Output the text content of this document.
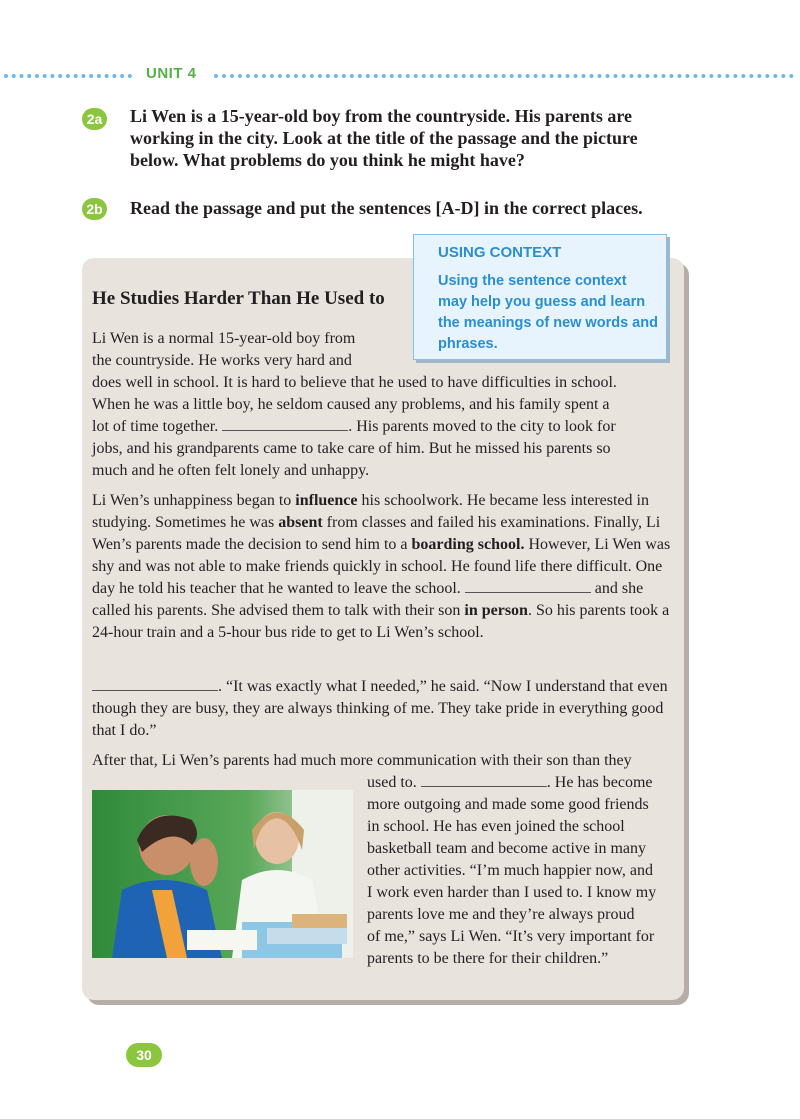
UNIT 4
2a Li Wen is a 15-year-old boy from the countryside. His parents are working in the city. Look at the title of the passage and the picture below. What problems do you think he might have?
2b Read the passage and put the sentences [A-D] in the correct places.
USING CONTEXT
Using the sentence context may help you guess and learn the meanings of new words and phrases.
He Studies Harder Than He Used to
Li Wen is a normal 15-year-old boy from
the countryside. He works very hard and
does well in school. It is hard to believe that he used to have difficulties in school.
When he was a little boy, he seldom caused any problems, and his family spent a
lot of time together.	. His parents moved to the city to look for
jobs, and his grandparents came to take care of him. But he missed his parents so
much and he often felt lonely and unhappy.
Li Wen’s unhappiness began to influence his schoolwork. He became less interested in studying. Sometimes he was absent from classes and failed his examinations. Finally, Li Wen’s parents made the decision to send him to a boarding school. However, Li Wen was shy and was not able to make friends quickly in school. He found life there difficult. One day he told his teacher that he wanted to leave the school.	and she called his parents. She advised them to talk with their son in person. So his parents took a 24-hour train and a 5-hour bus ride to get to Li Wen’s school.
. “It was exactly what I needed,” he said. “Now I understand that even though they are busy, they are always thinking of me. They take pride in everything good that I do.”
After that, Li Wen’s parents had much more communication with their son than they
used to.	. He has become
more outgoing and made some good friends
in school. He has even joined the school
basketball team and become active in many
other activities. “I’m much happier now, and
I work even harder than I used to. I know my
parents love me and they’re always proud
of me,” says Li Wen. “It’s very important for
parents to be there for their children.”
30
